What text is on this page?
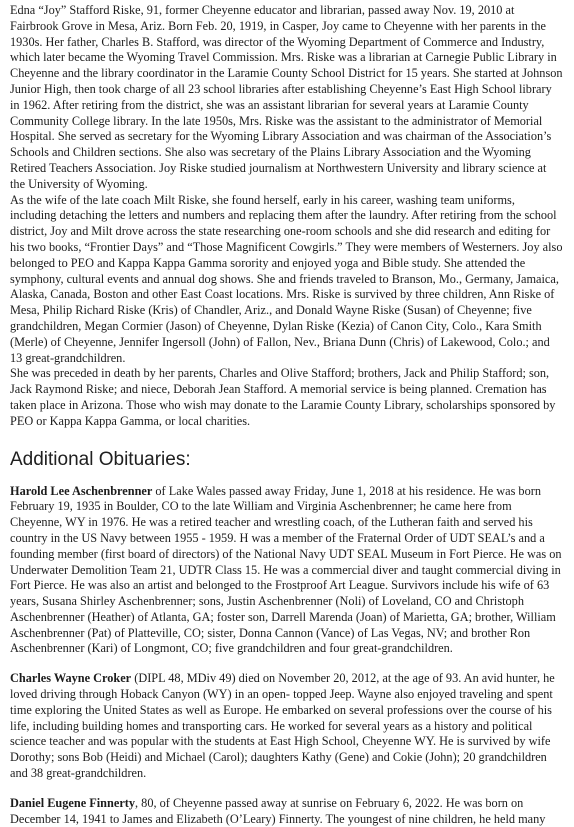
Edna “Joy” Stafford Riske, 91, former Cheyenne educator and librarian, passed away Nov. 19, 2010 at Fairbrook Grove in Mesa, Ariz. Born Feb. 20, 1919, in Casper, Joy came to Cheyenne with her parents in the 1930s. Her father, Charles B. Stafford, was director of the Wyoming Department of Commerce and Industry, which later became the Wyoming Travel Commission. Mrs. Riske was a librarian at Carnegie Public Library in Cheyenne and the library coordinator in the Laramie County School District for 15 years. She started at Johnson Junior High, then took charge of all 23 school libraries after establishing Cheyenne’s East High School library in 1962. After retiring from the district, she was an assistant librarian for several years at Laramie County Community College library. In the late 1950s, Mrs. Riske was the assistant to the administrator of Memorial Hospital. She served as secretary for the Wyoming Library Association and was chairman of the Association’s Schools and Children sections. She also was secretary of the Plains Library Association and the Wyoming Retired Teachers Association. Joy Riske studied journalism at Northwestern University and library science at the University of Wyoming.

As the wife of the late coach Milt Riske, she found herself, early in his career, washing team uniforms, including detaching the letters and numbers and replacing them after the laundry. After retiring from the school district, Joy and Milt drove across the state researching one-room schools and she did research and editing for his two books, “Frontier Days” and “Those Magnificent Cowgirls.” They were members of Westerners. Joy also belonged to PEO and Kappa Kappa Gamma sorority and enjoyed yoga and Bible study. She attended the symphony, cultural events and annual dog shows. She and friends traveled to Branson, Mo., Germany, Jamaica, Alaska, Canada, Boston and other East Coast locations. Mrs. Riske is survived by three children, Ann Riske of Mesa, Philip Richard Riske (Kris) of Chandler, Ariz., and Donald Wayne Riske (Susan) of Cheyenne; five grandchildren, Megan Cormier (Jason) of Cheyenne, Dylan Riske (Kezia) of Canon City, Colo., Kara Smith (Merle) of Cheyenne, Jennifer Ingersoll (John) of Fallon, Nev., Briana Dunn (Chris) of Lakewood, Colo.; and 13 great-grandchildren.

She was preceded in death by her parents, Charles and Olive Stafford; brothers, Jack and Philip Stafford; son, Jack Raymond Riske; and niece, Deborah Jean Stafford. A memorial service is being planned. Cremation has taken place in Arizona. Those who wish may donate to the Laramie County Library, scholarships sponsored by PEO or Kappa Kappa Gamma, or local charities.

Additional Obituaries:

Harold Lee Aschenbrenner of Lake Wales passed away Friday, June 1, 2018 at his residence. He was born February 19, 1935 in Boulder, CO to the late William and Virginia Aschenbrenner; he came here from Cheyenne, WY in 1976. He was a retired teacher and wrestling coach, of the Lutheran faith and served his country in the US Navy between 1955 - 1959. H was a member of the Fraternal Order of UDT SEAL’s and a founding member (first board of directors) of the National Navy UDT SEAL Museum in Fort Pierce. He was on Underwater Demolition Team 21, UDTR Class 15. He was a commercial diver and taught commercial diving in Fort Pierce. He was also an artist and belonged to the Frostproof Art League. Survivors include his wife of 63 years, Susana Shirley Aschenbrenner; sons, Justin Aschenbrenner (Noli) of Loveland, CO and Christoph Aschenbrenner (Heather) of Atlanta, GA; foster son, Darrell Marenda (Joan) of Marietta, GA; brother, William Aschenbrenner (Pat) of Platteville, CO; sister, Donna Cannon (Vance) of Las Vegas, NV; and brother Ron Aschenbrenner (Kari) of Longmont, CO; five grandchildren and four great-grandchildren.

Charles Wayne Croker (DIPL 48, MDiv 49) died on November 20, 2012, at the age of 93. An avid hunter, he loved driving through Hoback Canyon (WY) in an open- topped Jeep. Wayne also enjoyed traveling and spent time exploring the United States as well as Europe. He embarked on several professions over the course of his life, including building homes and transporting cars. He worked for several years as a history and political science teacher and was popular with the students at East High School, Cheyenne WY. He is survived by wife Dorothy; sons Bob (Heidi) and Michael (Carol); daughters Kathy (Gene) and Cokie (John); 20 grandchildren and 38 great-grandchildren.

Daniel Eugene Finnerty, 80, of Cheyenne passed away at sunrise on February 6, 2022. He was born on December 14, 1941 to James and Elizabeth (O’Leary) Finnerty. The youngest of nine children, he held many
